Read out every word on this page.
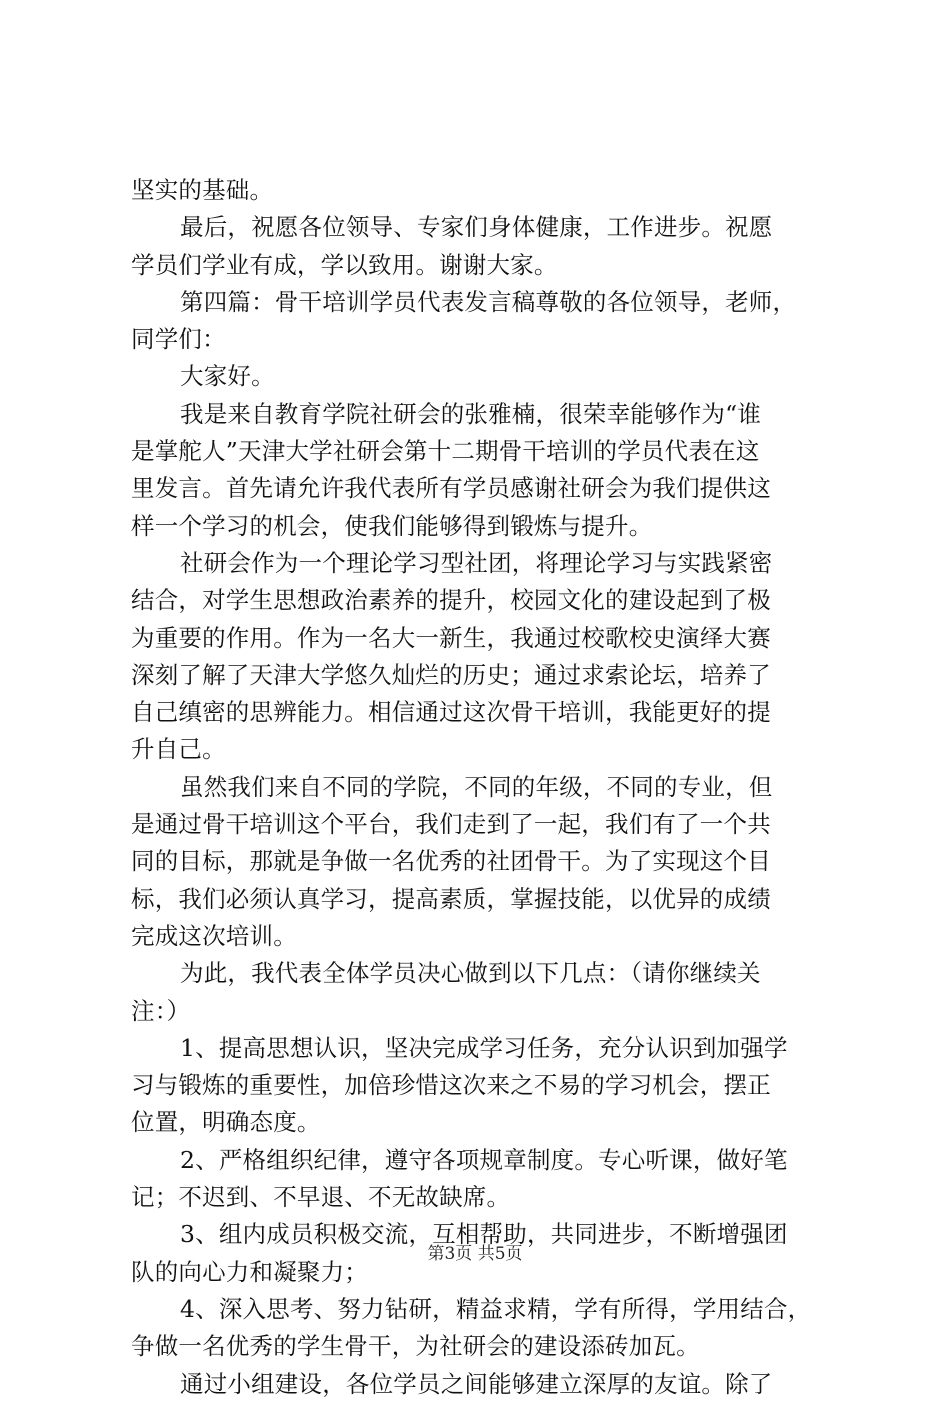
坚实的基础。
最后，祝愿各位领导、专家们身体健康，工作进步。祝愿
学员们学业有成，学以致用。谢谢大家。
第四篇：骨干培训学员代表发言稿尊敬的各位领导，老师，
同学们：
大家好。
我是来自教育学院社研会的张雅楠，很荣幸能够作为“谁
是掌舵人”天津大学社研会第十二期骨干培训的学员代表在这
里发言。首先请允许我代表所有学员感谢社研会为我们提供这
样一个学习的机会，使我们能够得到锻炼与提升。
社研会作为一个理论学习型社团，将理论学习与实践紧密
结合，对学生思想政治素养的提升，校园文化的建设起到了极
为重要的作用。作为一名大一新生，我通过校歌校史演绎大赛
深刻了解了天津大学悠久灿烂的历史；通过求索论坛，培养了
自己缜密的思辨能力。相信通过这次骨干培训，我能更好的提
升自己。
虽然我们来自不同的学院，不同的年级，不同的专业，但
是通过骨干培训这个平台，我们走到了一起，我们有了一个共
同的目标，那就是争做一名优秀的社团骨干。为了实现这个目
标，我们必须认真学习，提高素质，掌握技能，以优异的成绩
完成这次培训。
为此，我代表全体学员决心做到以下几点：（请你继续关
注：）
1、提高思想认识，坚决完成学习任务，充分认识到加强学
习与锻炼的重要性，加倍珍惜这次来之不易的学习机会，摆正
位置，明确态度。
2、严格组织纪律，遵守各项规章制度。专心听课，做好笔
记；不迟到、不早退、不无故缺席。
3、组内成员积极交流，互相帮助，共同进步，不断增强团
队的向心力和凝聚力；
4、深入思考、努力钻研，精益求精，学有所得，学用结合，
争做一名优秀的学生骨干，为社研会的建设添砖加瓦。
通过小组建设，各位学员之间能够建立深厚的友谊。除了
第3页 共5页
